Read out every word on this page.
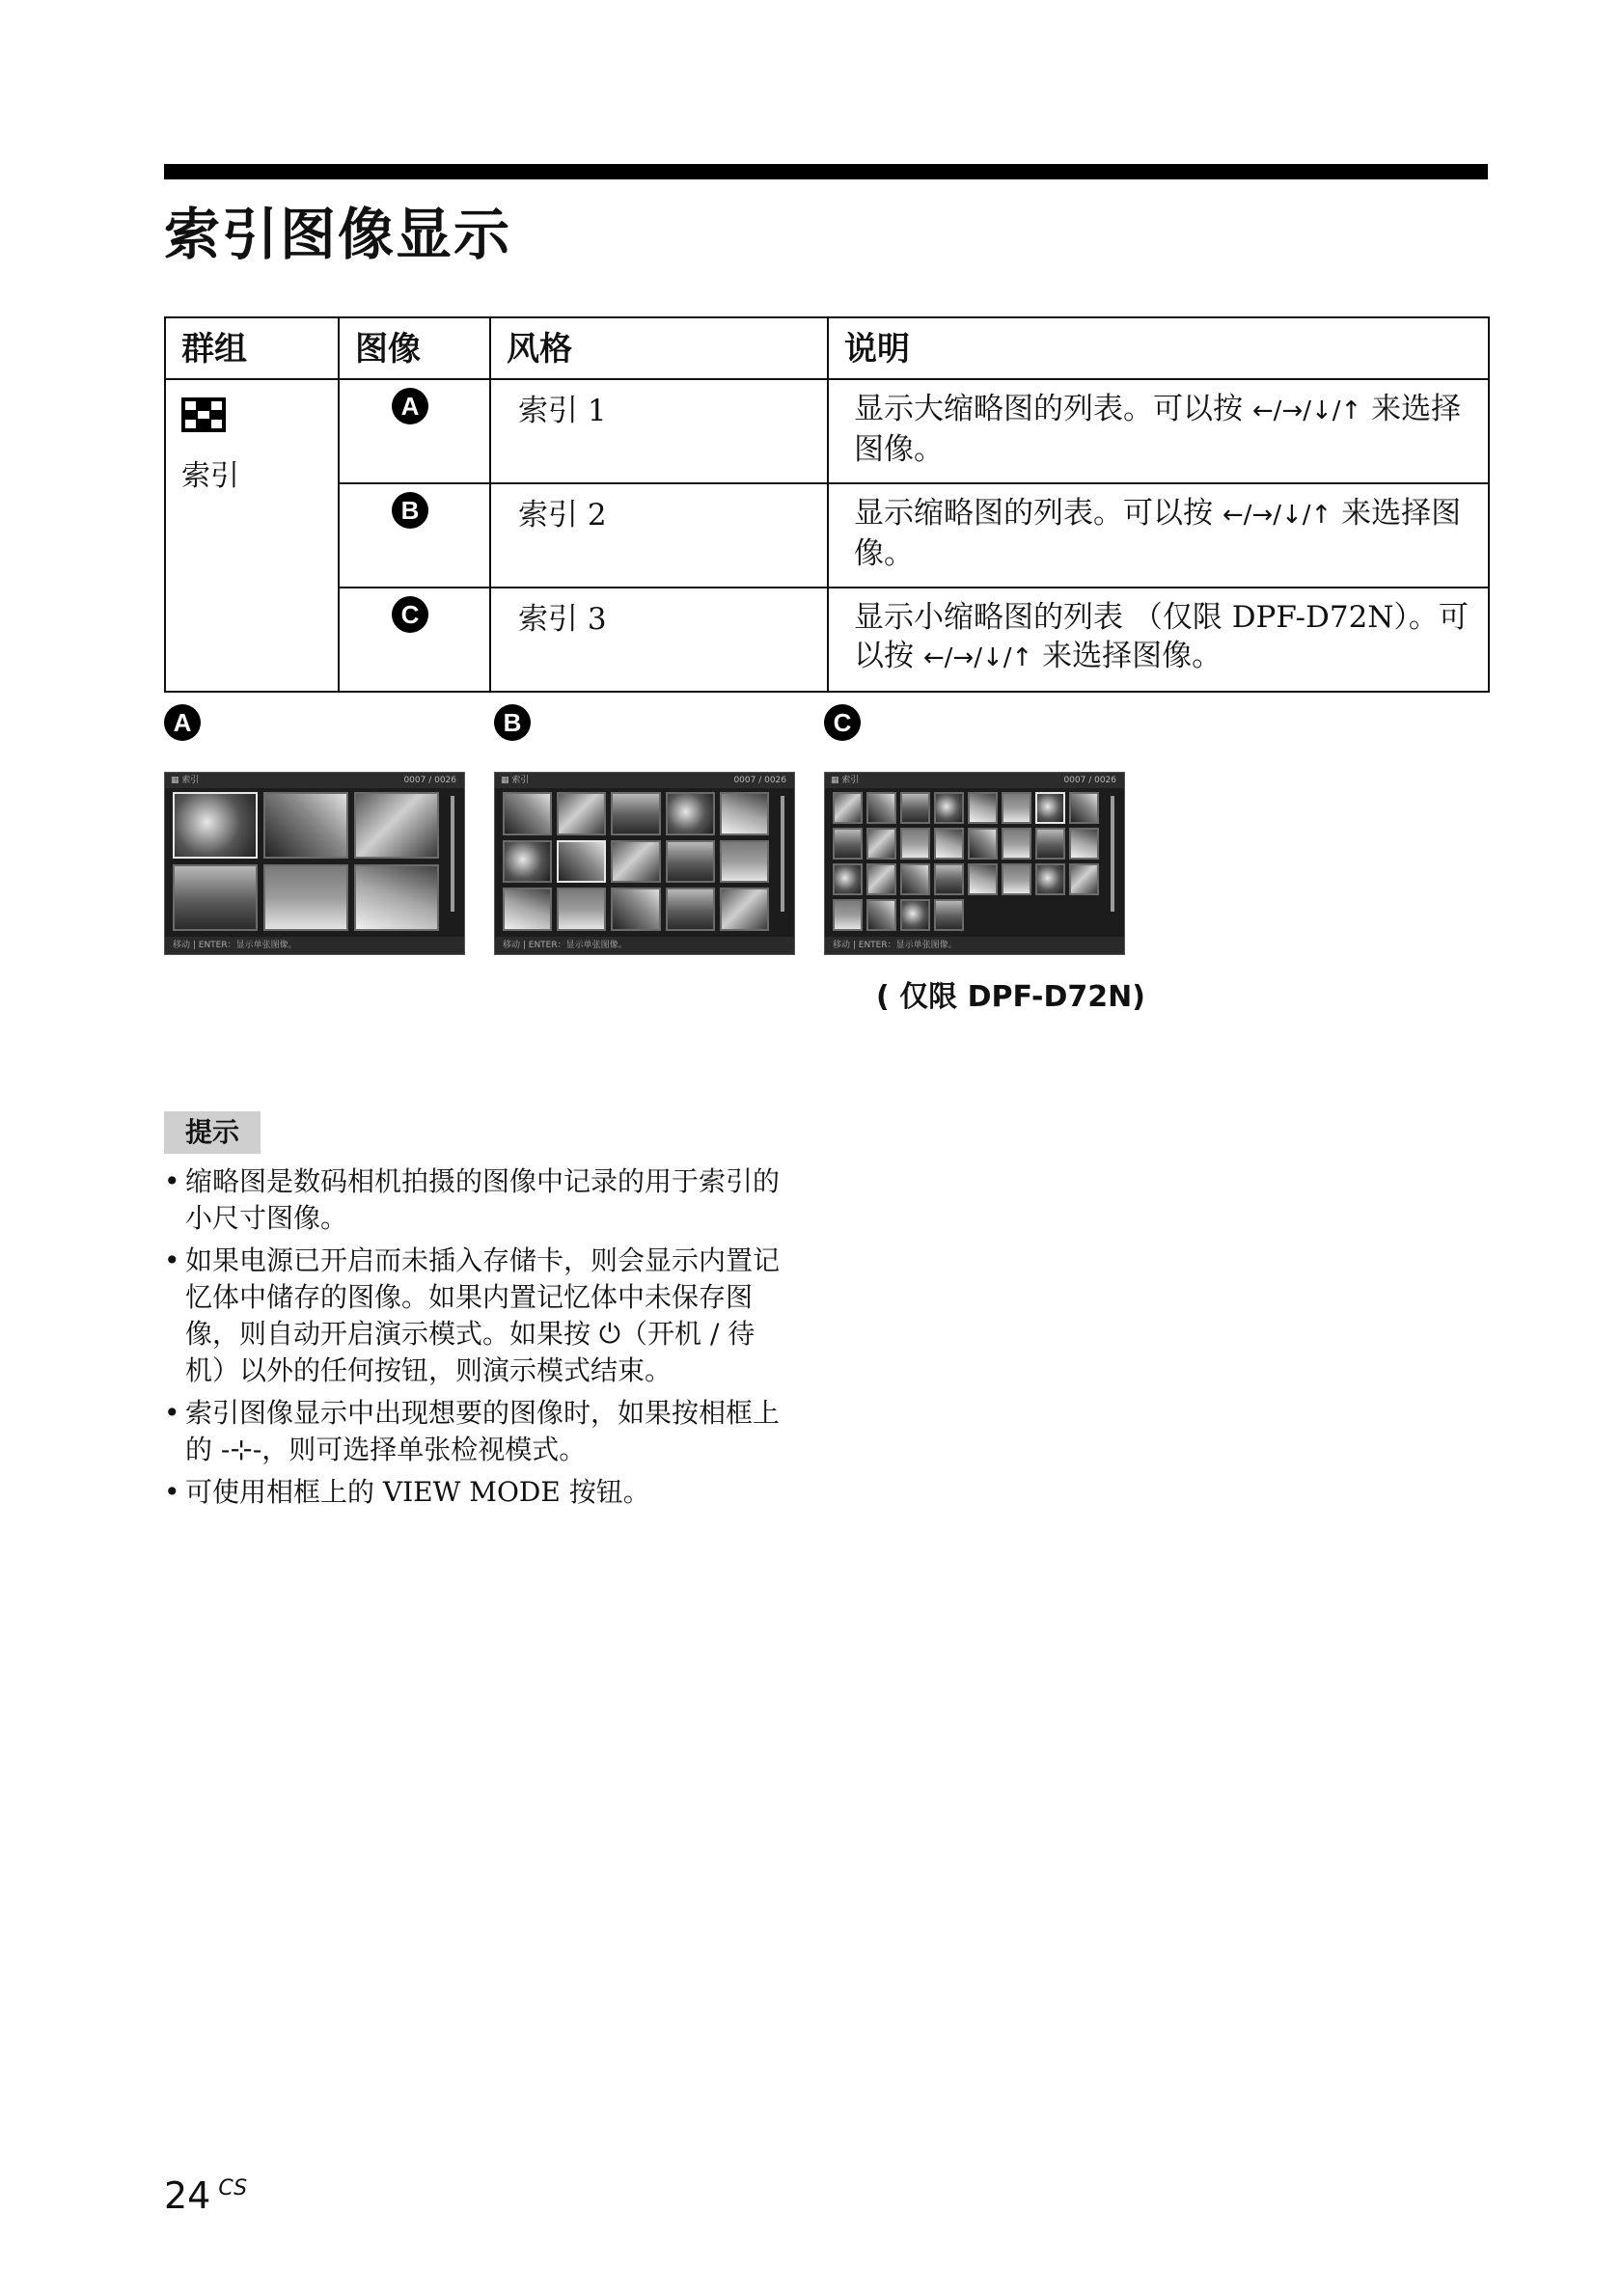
索引图像显示
群组	图像	风格	说明

索引	A	索引 1	显示大缩略图的列表。可以按 ←/→/↓/↑ 来选择图像。
	B	索引 2	显示缩略图的列表。可以按 ←/→/↓/↑ 来选择图像。
	C	索引 3	显示小缩略图的列表 （仅限 DPF-D72N）。可以按 ←/→/↓/↑ 来选择图像。
A	B	C
▦ 索引	0007 / 0026
移动 | ENTER：显示单张图像。
▦ 索引	0007 / 0026
移动 | ENTER：显示单张图像。
▦ 索引	0007 / 0026
移动 | ENTER：显示单张图像。
( 仅限 DPF-D72N)
提示
• 缩略图是数码相机拍摄的图像中记录的用于索引的小尺寸图像。
• 如果电源已开启而未插入存储卡，则会显示内置记忆体中储存的图像。如果内置记忆体中未保存图像，则自动开启演示模式。如果按 ⏻（开机 / 待机）以外的任何按钮，则演示模式结束。
• 索引图像显示中出现想要的图像时，如果按相框上的 -⊹-，则可选择单张检视模式。
• 可使用相框上的 VIEW MODE 按钮。
24 $^{CS}$
